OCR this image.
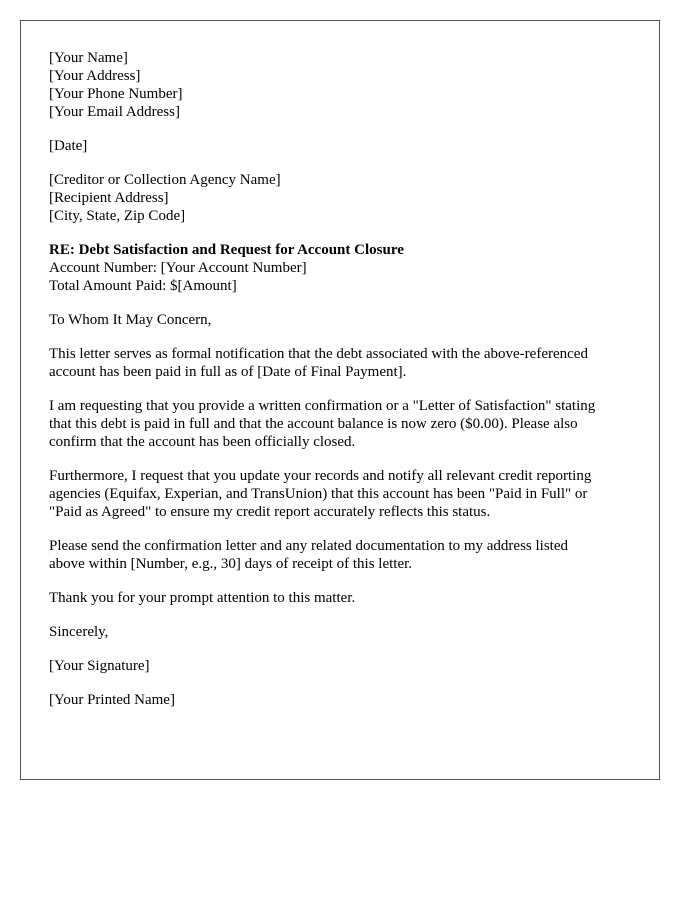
[Your Name]
[Your Address]
[Your Phone Number]
[Your Email Address]
[Date]
[Creditor or Collection Agency Name]
[Recipient Address]
[City, State, Zip Code]
RE: Debt Satisfaction and Request for Account Closure
Account Number: [Your Account Number]
Total Amount Paid: $[Amount]

To Whom It May Concern,

This letter serves as formal notification that the debt associated with the above-referenced
account has been paid in full as of [Date of Final Payment].

I am requesting that you provide a written confirmation or a "Letter of Satisfaction" stating
that this debt is paid in full and that the account balance is now zero ($0.00). Please also
confirm that the account has been officially closed.

Furthermore, I request that you update your records and notify all relevant credit reporting
agencies (Equifax, Experian, and TransUnion) that this account has been "Paid in Full" or
"Paid as Agreed" to ensure my credit report accurately reflects this status.

Please send the confirmation letter and any related documentation to my address listed
above within [Number, e.g., 30] days of receipt of this letter.

Thank you for your prompt attention to this matter.

Sincerely,

[Your Signature]

[Your Printed Name]
